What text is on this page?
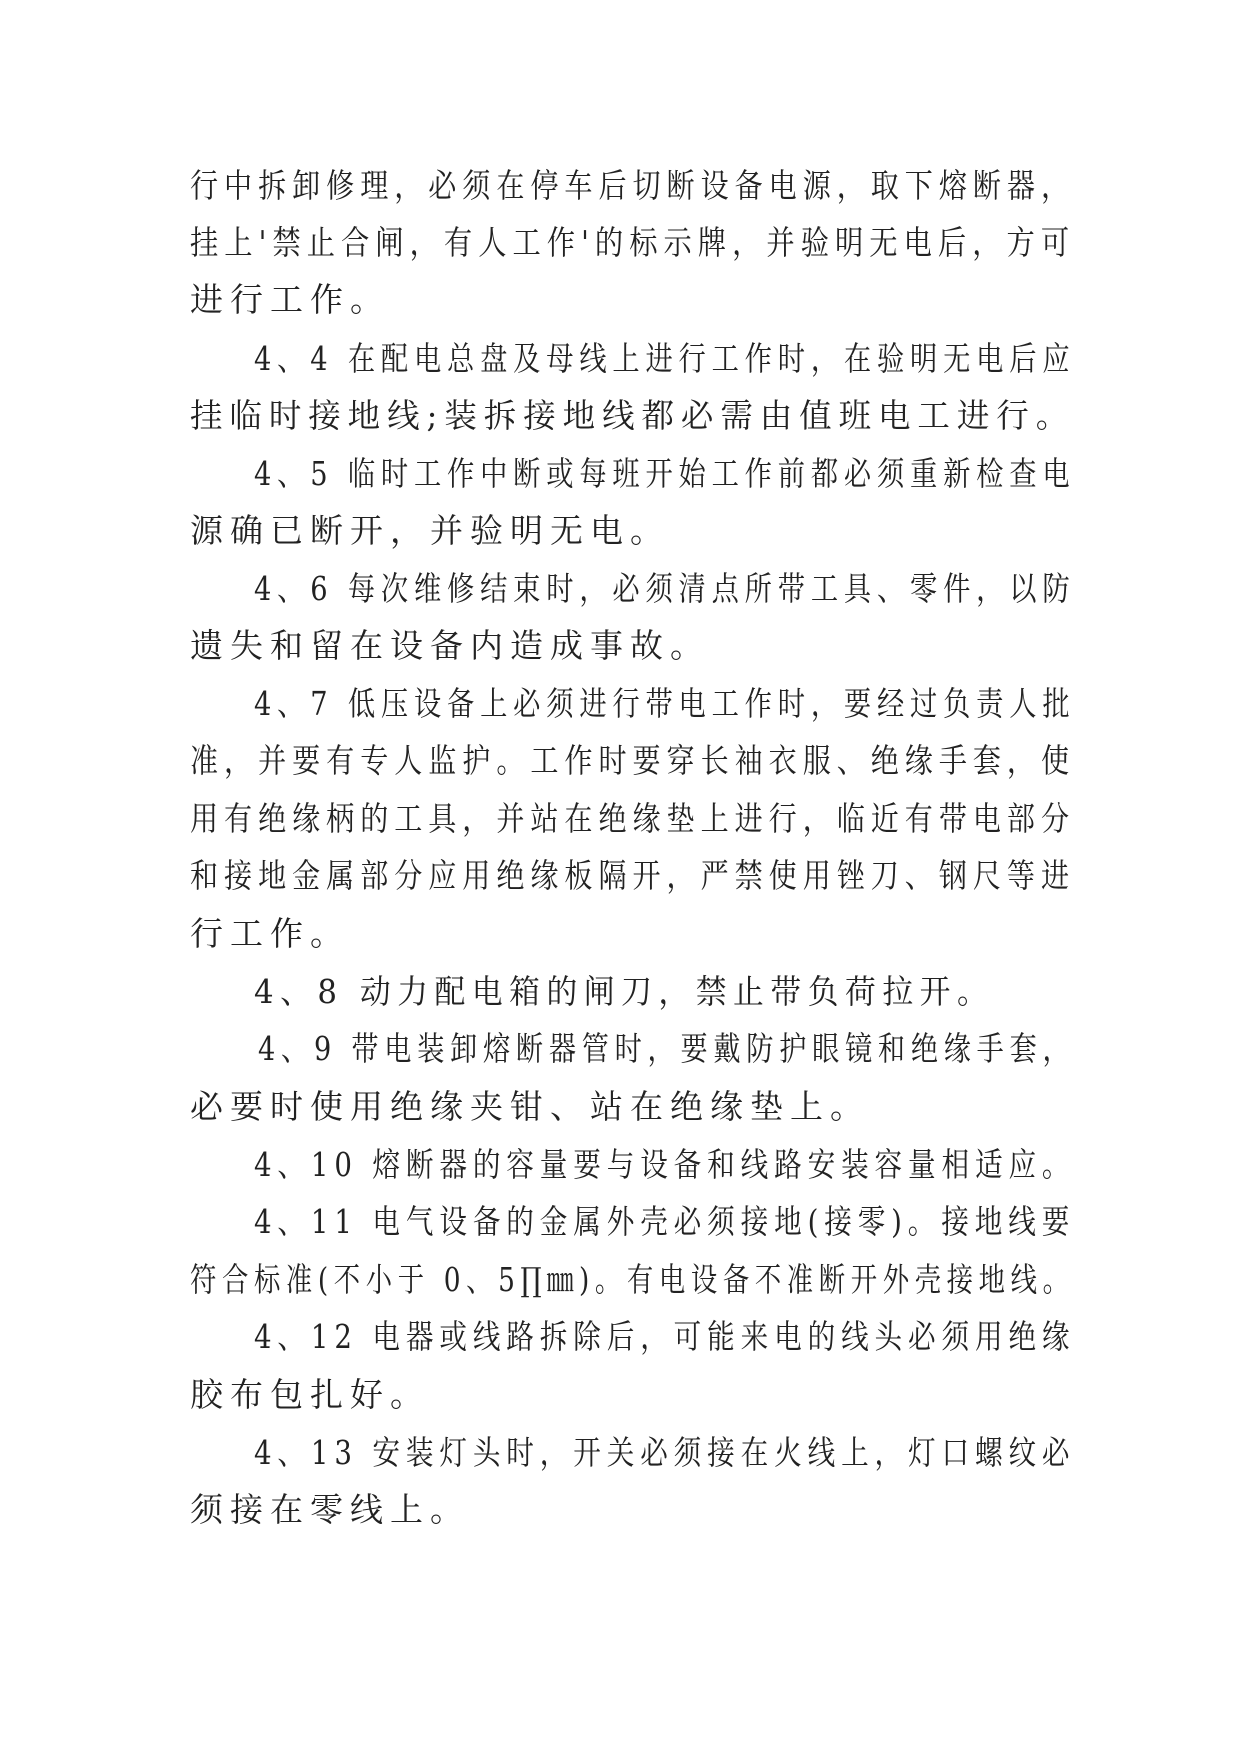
行中拆卸修理，必须在停车后切断设备电源，取下熔断器，
挂上'禁止合闸，有人工作'的标示牌，并验明无电后，方可
进行工作。
4、4 在配电总盘及母线上进行工作时，在验明无电后应
挂临时接地线;装拆接地线都必需由值班电工进行。
4、5 临时工作中断或每班开始工作前都必须重新检查电
源确已断开，并验明无电。
4、6 每次维修结束时，必须清点所带工具、零件，以防
遗失和留在设备内造成事故。
4、7 低压设备上必须进行带电工作时，要经过负责人批
准，并要有专人监护。工作时要穿长袖衣服、绝缘手套，使
用有绝缘柄的工具，并站在绝缘垫上进行，临近有带电部分
和接地金属部分应用绝缘板隔开，严禁使用锉刀、钢尺等进
行工作。
4、8 动力配电箱的闸刀，禁止带负荷拉开。
4、9 带电装卸熔断器管时，要戴防护眼镜和绝缘手套，
必要时使用绝缘夹钳、站在绝缘垫上。
4、10 熔断器的容量要与设备和线路安装容量相适应。
4、11 电气设备的金属外壳必须接地(接零)。接地线要
符合标准(不小于 0、5∏㎜)。有电设备不准断开外壳接地线。
4、12 电器或线路拆除后，可能来电的线头必须用绝缘
胶布包扎好。
4、13 安装灯头时，开关必须接在火线上，灯口螺纹必
须接在零线上。
